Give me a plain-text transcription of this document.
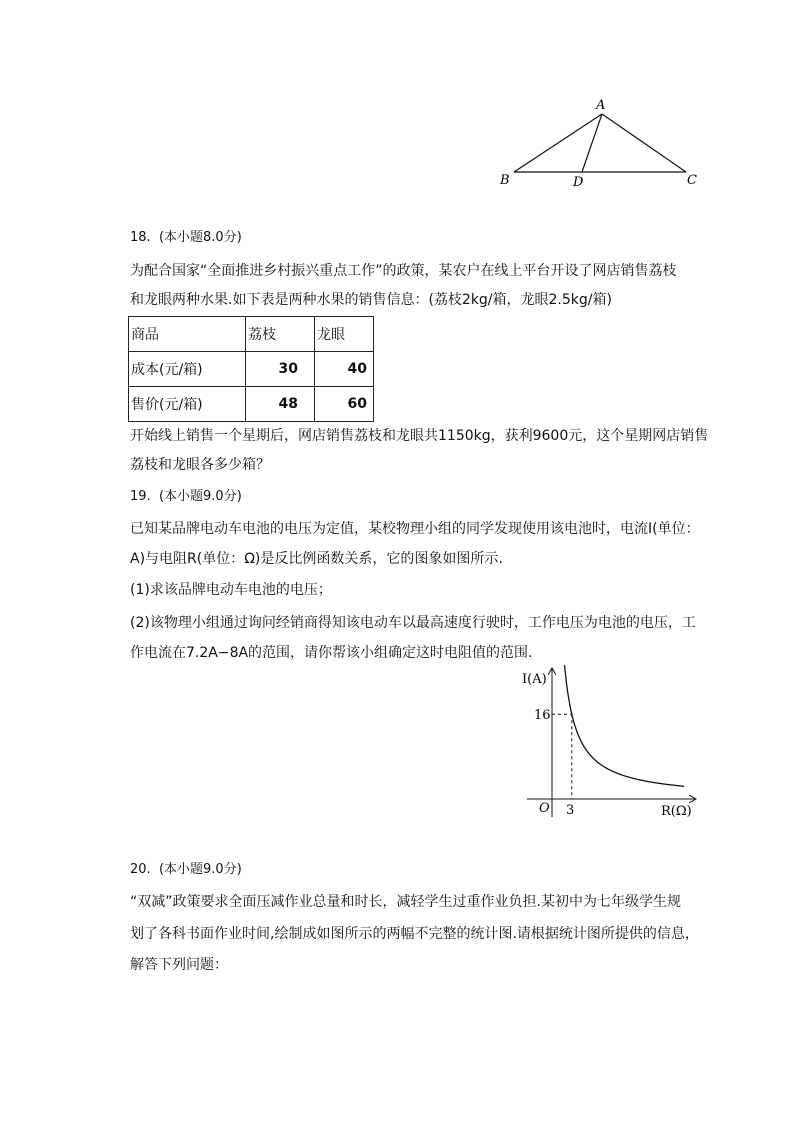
A
B	D	C
18. (本小题8.0分)
为配合国家“全面推进乡村振兴重点工作”的政策，某农户在线上平台开设了网店销售荔枝
和龙眼两种水果.如下表是两种水果的销售信息：(荔枝2kg/箱，龙眼2.5kg/箱)
商品	荔枝	龙眼
成本(元/箱)	30	40
售价(元/箱)	48	60
开始线上销售一个星期后，网店销售荔枝和龙眼共1150kg，获利9600元，这个星期网店销售
荔枝和龙眼各多少箱？
19. (本小题9.0分)
已知某品牌电动车电池的电压为定值，某校物理小组的同学发现使用该电池时，电流I(单位：
A)与电阻R(单位：Ω)是反比例函数关系，它的图象如图所示.
(1)求该品牌电动车电池的电压；
(2)该物理小组通过询问经销商得知该电动车以最高速度行驶时，工作电压为电池的电压，工
作电流在7.2A−8A的范围，请你帮该小组确定这时电阻值的范围.
I(A)
R(Ω)
O
16
3
20. (本小题9.0分)
“双减”政策要求全面压减作业总量和时长，减轻学生过重作业负担.某初中为七年级学生规
划了各科书面作业时间,绘制成如图所示的两幅不完整的统计图.请根据统计图所提供的信息，
解答下列问题：
